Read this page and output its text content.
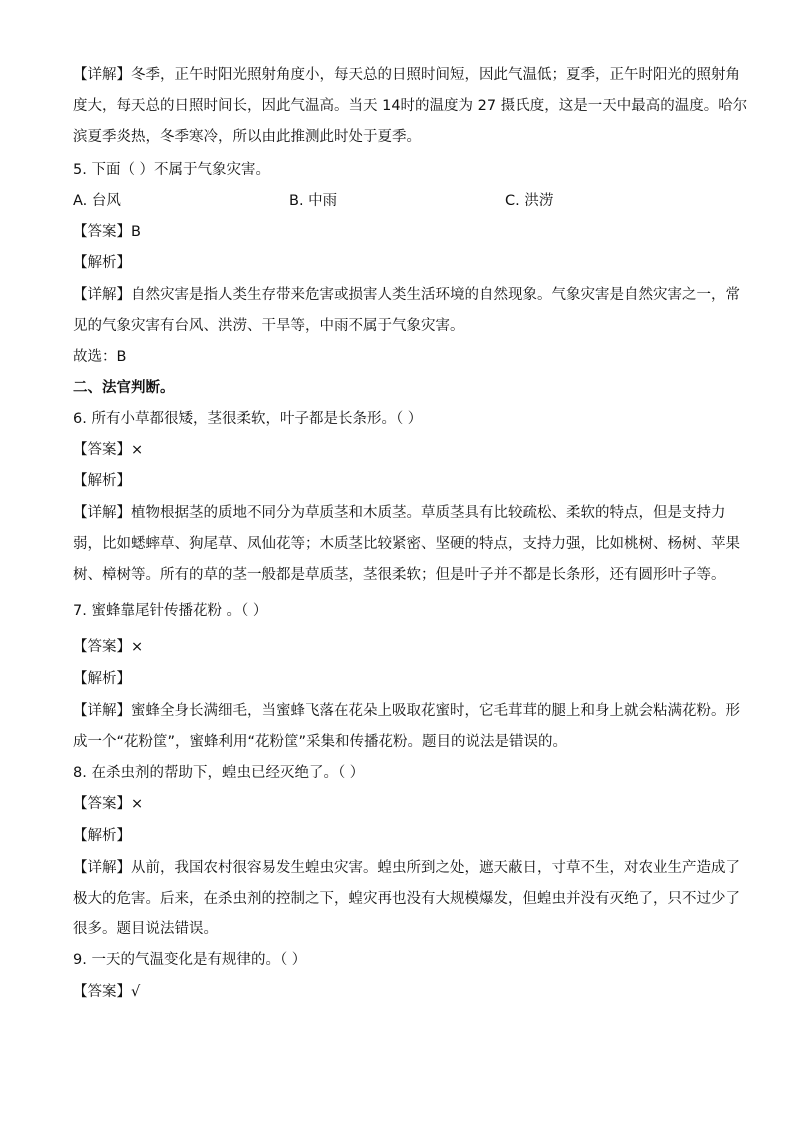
【详解】冬季，正午时阳光照射角度小，每天总的日照时间短，因此气温低；夏季，正午时阳光的照射角
度大，每天总的日照时间长，因此气温高。当天 14时的温度为 27 摄氏度，这是一天中最高的温度。哈尔
滨夏季炎热，冬季寒冷，所以由此推测此时处于夏季。
5. 下面（ ）不属于气象灾害。
A. 台风	B. 中雨	C. 洪涝
【答案】B
【解析】
【详解】自然灾害是指人类生存带来危害或损害人类生活环境的自然现象。气象灾害是自然灾害之一，常
见的气象灾害有台风、洪涝、干旱等，中雨不属于气象灾害。
故选：B
二、法官判断。
6. 所有小草都很矮，茎很柔软，叶子都是长条形。（ ）
【答案】×
【解析】
【详解】植物根据茎的质地不同分为草质茎和木质茎。草质茎具有比较疏松、柔软的特点，但是支持力
弱，比如蟋蟀草、狗尾草、凤仙花等；木质茎比较紧密、坚硬的特点，支持力强，比如桃树、杨树、苹果
树、樟树等。所有的草的茎一般都是草质茎，茎很柔软；但是叶子并不都是长条形，还有圆形叶子等。
7. 蜜蜂靠尾针传播花粉 。（ ）
【答案】×
【解析】
【详解】蜜蜂全身长满细毛，当蜜蜂飞落在花朵上吸取花蜜时，它毛茸茸的腿上和身上就会粘满花粉。形
成一个“花粉筐”，蜜蜂利用“花粉筐”采集和传播花粉。题目的说法是错误的。
8. 在杀虫剂的帮助下，蝗虫已经灭绝了。（ ）
【答案】×
【解析】
【详解】从前，我国农村很容易发生蝗虫灾害。蝗虫所到之处，遮天蔽日，寸草不生，对农业生产造成了
极大的危害。后来，在杀虫剂的控制之下，蝗灾再也没有大规模爆发，但蝗虫并没有灭绝了，只不过少了
很多。题目说法错误。
9. 一天的气温变化是有规律的。（ ）
【答案】√
